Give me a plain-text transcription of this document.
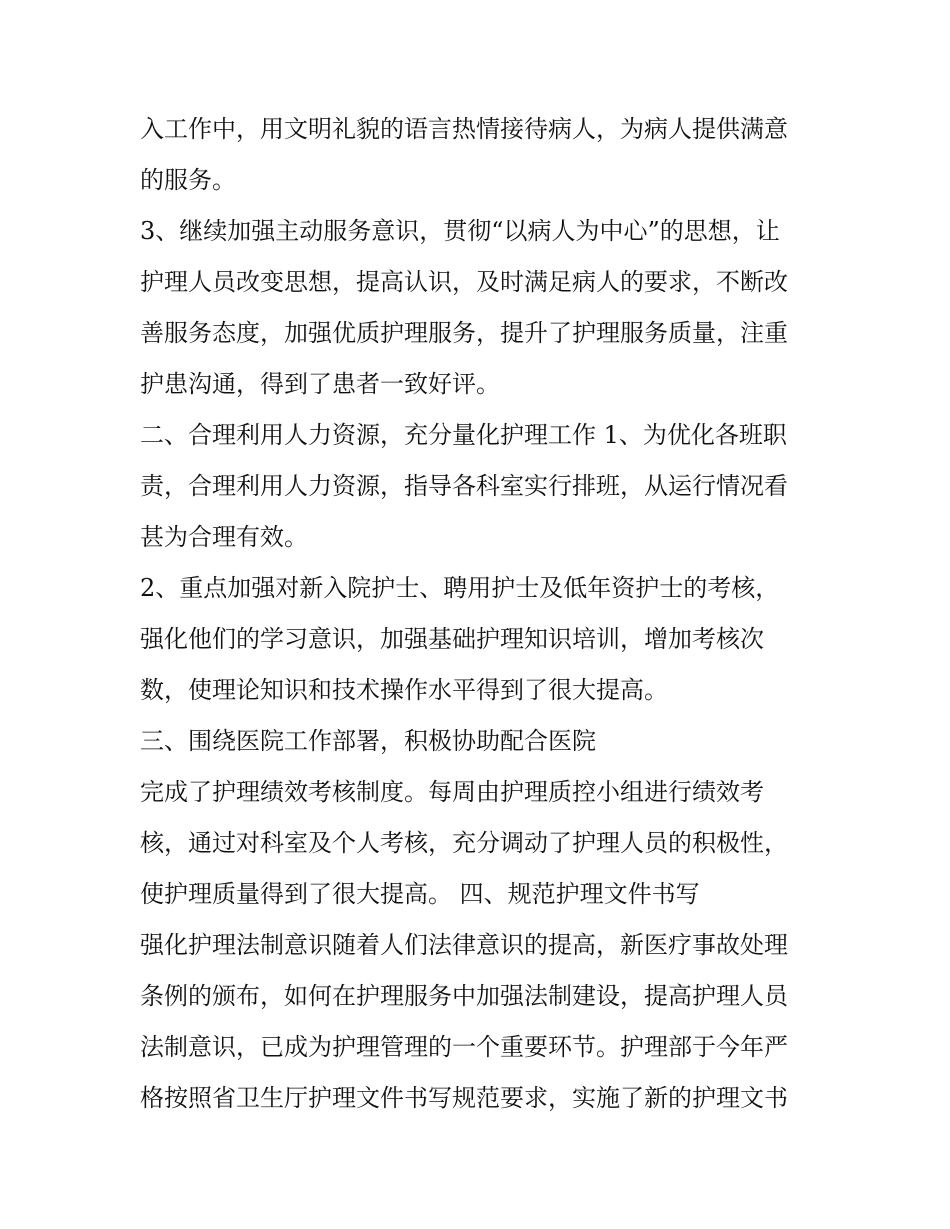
入工作中，用文明礼貌的语言热情接待病人，为病人提供满意
的服务。
3、继续加强主动服务意识，贯彻“以病人为中心”的思想，让
护理人员改变思想，提高认识，及时满足病人的要求，不断改
善服务态度，加强优质护理服务，提升了护理服务质量，注重
护患沟通，得到了患者一致好评。
二、合理利用人力资源，充分量化护理工作 1、为优化各班职
责，合理利用人力资源，指导各科室实行排班，从运行情况看
甚为合理有效。
2、重点加强对新入院护士、聘用护士及低年资护士的考核，
强化他们的学习意识，加强基础护理知识培训，增加考核次
数，使理论知识和技术操作水平得到了很大提高。
三、围绕医院工作部署，积极协助配合医院
完成了护理绩效考核制度。每周由护理质控小组进行绩效考
核，通过对科室及个人考核，充分调动了护理人员的积极性，
使护理质量得到了很大提高。 四、规范护理文件书写
强化护理法制意识随着人们法律意识的提高，新医疗事故处理
条例的颁布，如何在护理服务中加强法制建设，提高护理人员
法制意识，已成为护理管理的一个重要环节。护理部于今年严
格按照省卫生厅护理文件书写规范要求，实施了新的护理文书
